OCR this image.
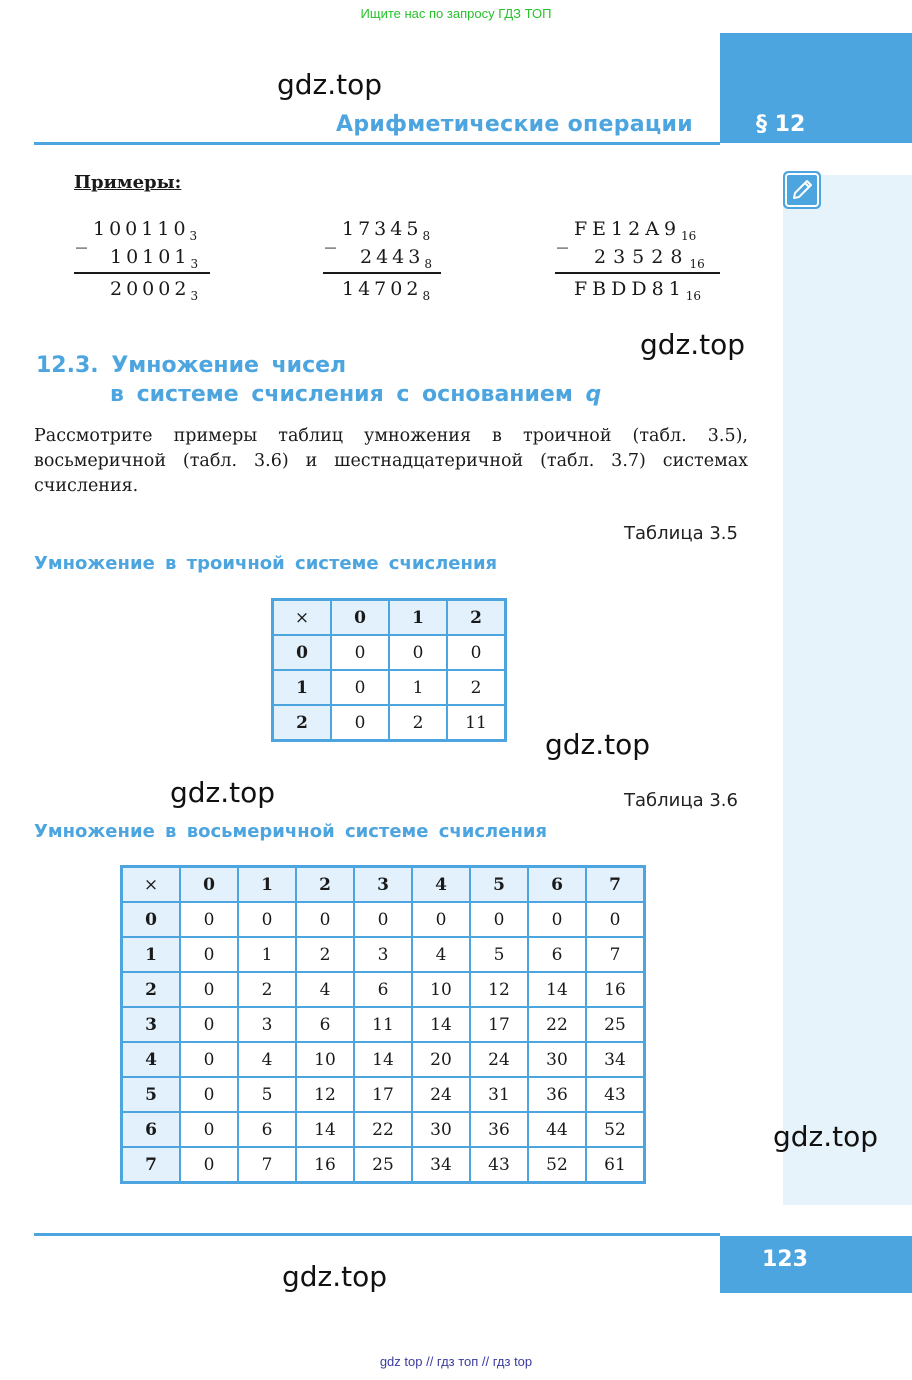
Ищите нас по запросу ГДЗ ТОП
§ 12
Арифметические операции
gdz.top
gdz.top
gdz.top
gdz.top
gdz.top
gdz.top
Примеры:
_ $100110_3$
$10101_3$
$20002_3$
_ $17345_8$
$2443_8$
$14702_8$
_ $FE12A9_{16}$
$23528_{16}$
$FBDD81_{16}$
12.3. Умножение чисел
в системе счисления с основанием q
Рассмотрите примеры таблиц умножения в троичной (табл. 3.5), восьмеричной (табл. 3.6) и шестнадцатеричной (табл. 3.7) системах счисления.
Таблица 3.5
Умножение в троичной системе счисления
×	0	1	2
0	0	0	0
1	0	1	2
2	0	2	11
Таблица 3.6
Умножение в восьмеричной системе счисления
×	0	1	2	3	4	5	6	7
0	0	0	0	0	0	0	0	0
1	0	1	2	3	4	5	6	7
2	0	2	4	6	10	12	14	16
3	0	3	6	11	14	17	22	25
4	0	4	10	14	20	24	30	34
5	0	5	12	17	24	31	36	43
6	0	6	14	22	30	36	44	52
7	0	7	16	25	34	43	52	61
123
gdz top // гдз топ // гдз top
